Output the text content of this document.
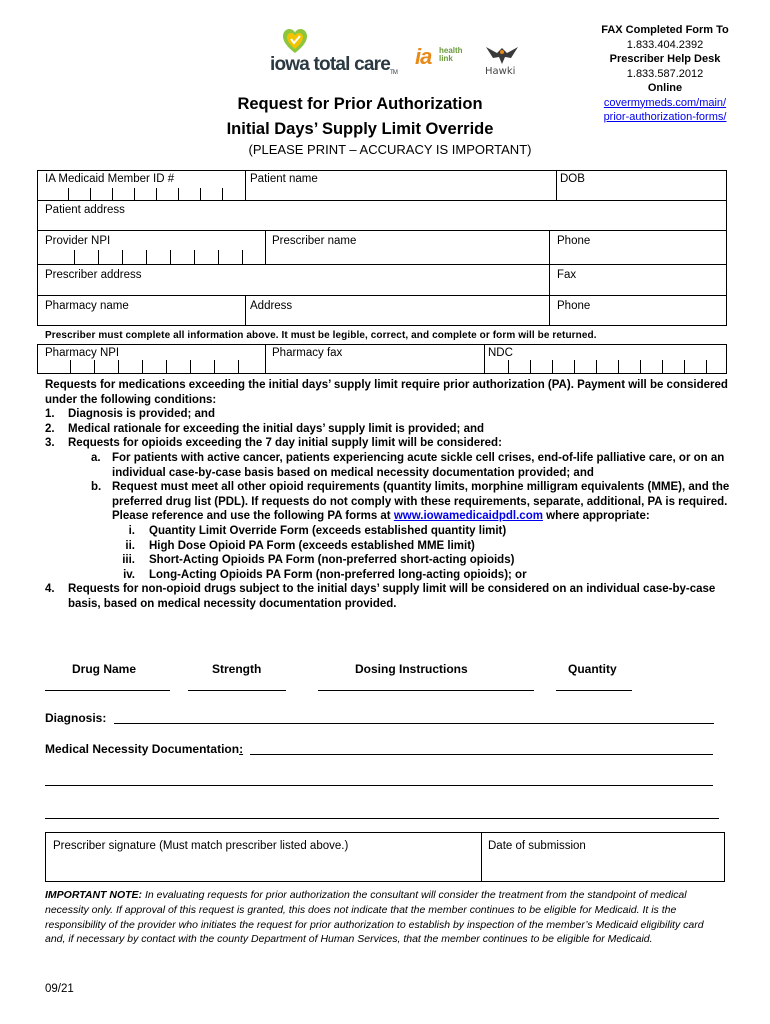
iowa total careTM
ia health link
Hawki
FAX Completed Form To
1.833.404.2392
Prescriber Help Desk
1.833.587.2012
Online
covermymeds.com/main/
prior-authorization-forms/
Request for Prior Authorization
Initial Days’ Supply Limit Override
(PLEASE PRINT – ACCURACY IS IMPORTANT)
IA Medicaid Member ID #	Patient name	DOB
Patient address
Provider NPI	Prescriber name	Phone
Prescriber address	Fax
Pharmacy name	Address	Phone
Prescriber must complete all information above. It must be legible, correct, and complete or form will be returned.
Pharmacy NPI	Pharmacy fax	NDC
Requests for medications exceeding the initial days’ supply limit require prior authorization (PA). Payment will be considered under the following conditions:
1.	Diagnosis is provided; and
2.	Medical rationale for exceeding the initial days’ supply limit is provided; and
3.	Requests for opioids exceeding the 7 day initial supply limit will be considered:
a. For patients with active cancer, patients experiencing acute sickle cell crises, end-of-life palliative care, or on an individual case-by-case basis based on medical necessity documentation provided; and
b. Request must meet all other opioid requirements (quantity limits, morphine milligram equivalents (MME), and the preferred drug list (PDL). If requests do not comply with these requirements, separate, additional, PA is required. Please reference and use the following PA forms at www.iowamedicaidpdl.com where appropriate:
i.	Quantity Limit Override Form (exceeds established quantity limit)
ii.	High Dose Opioid PA Form (exceeds established MME limit)
iii.	Short-Acting Opioids PA Form (non-preferred short-acting opioids)
iv.	Long-Acting Opioids PA Form (non-preferred long-acting opioids); or
4.	Requests for non-opioid drugs subject to the initial days’ supply limit will be considered on an individual case-by-case basis, based on medical necessity documentation provided.
Drug Name	Strength	Dosing Instructions	Quantity
Diagnosis:
Medical Necessity Documentation:
Prescriber signature (Must match prescriber listed above.)	Date of submission
IMPORTANT NOTE: In evaluating requests for prior authorization the consultant will consider the treatment from the standpoint of medical necessity only. If approval of this request is granted, this does not indicate that the member continues to be eligible for Medicaid. It is the responsibility of the provider who initiates the request for prior authorization to establish by inspection of the member’s Medicaid eligibility card and, if necessary by contact with the county Department of Human Services, that the member continues to be eligible for Medicaid.
09/21
